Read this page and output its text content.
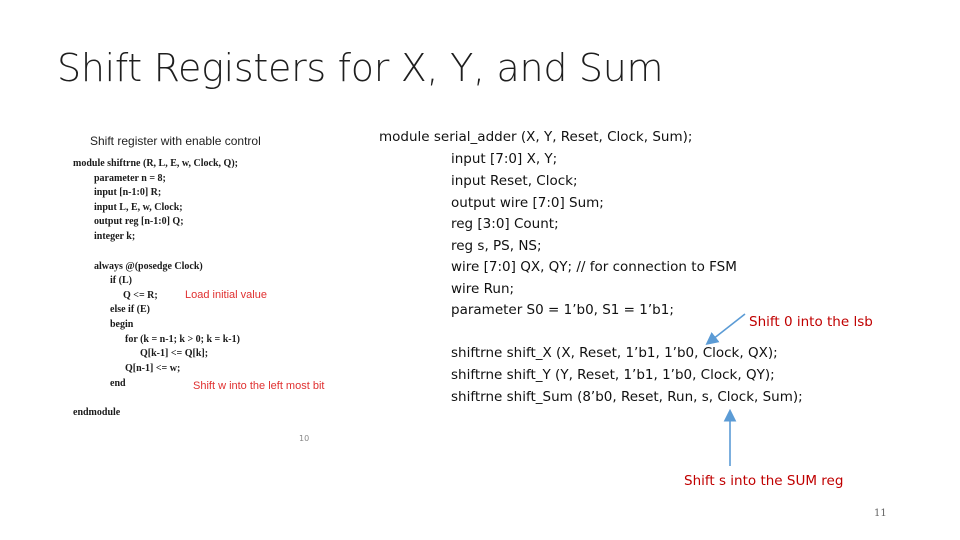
Shift Registers for X, Y, and Sum
Shift register with enable control
module shiftrne (R, L, E, w, Clock, Q);
parameter n = 8;
input [n-1:0] R;
input L, E, w, Clock;
output reg [n-1:0] Q;
integer k;
always @(posedge Clock)
if (L)
Q <= R;
else if (E)
begin
for (k = n-1; k > 0; k = k-1)
Q[k-1] <= Q[k];
Q[n-1] <= w;
end
endmodule
Load initial value
Shift w into the left most bit
10
module serial_adder (X, Y, Reset, Clock, Sum);
input [7:0] X, Y;
input Reset, Clock;
output wire [7:0] Sum;
reg [3:0] Count;
reg s, PS, NS;
wire [7:0] QX, QY; // for connection to FSM
wire Run;
parameter S0 = 1’b0, S1 = 1’b1;
shiftrne shift_X (X, Reset, 1’b1, 1’b0, Clock, QX);
shiftrne shift_Y (Y, Reset, 1’b1, 1’b0, Clock, QY);
shiftrne shift_Sum (8’b0, Reset, Run, s, Clock, Sum);
Shift 0 into the lsb
Shift s into the SUM reg
11
